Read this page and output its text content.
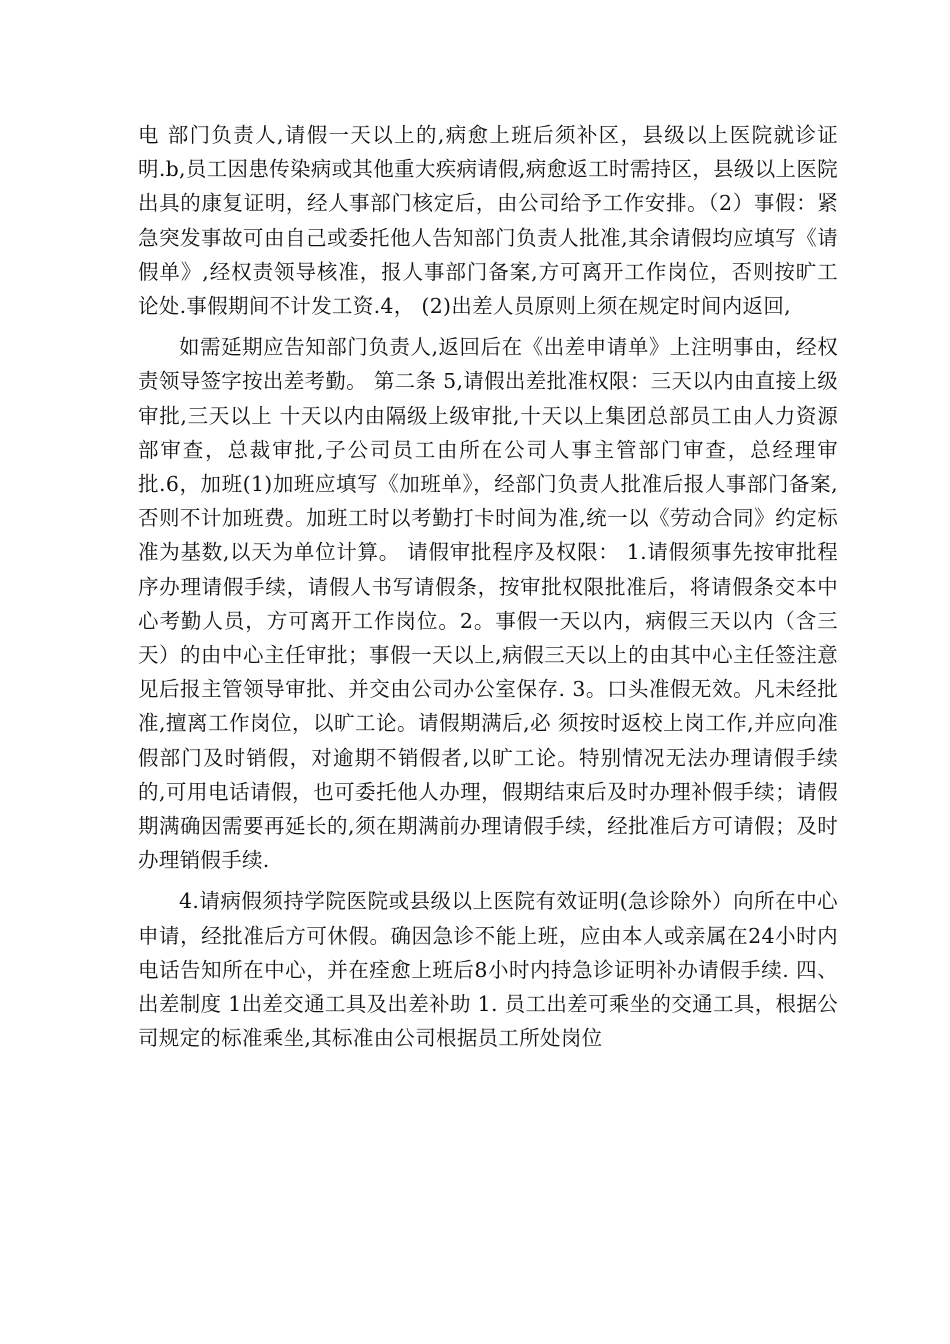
电 部门负责人,请假一天以上的,病愈上班后须补区，县级以上医院就诊证明.b,员工因患传染病或其他重大疾病请假,病愈返工时需持区，县级以上医院出具的康复证明，经人事部门核定后，由公司给予工作安排。（2）事假：紧急突发事故可由自己或委托他人告知部门负责人批准,其余请假均应填写《请假单》,经权责领导核准，报人事部门备案,方可离开工作岗位，否则按旷工论处.事假期间不计发工资.4， (2)出差人员原则上须在规定时间内返回,

如需延期应告知部门负责人,返回后在《出差申请单》上注明事由，经权责领导签字按出差考勤。 第二条 5,请假出差批准权限：三天以内由直接上级审批,三天以上 十天以内由隔级上级审批,十天以上集团总部员工由人力资源部审查，总裁审批,子公司员工由所在公司人事主管部门审查，总经理审批.6，加班(1)加班应填写《加班单》，经部门负责人批准后报人事部门备案,否则不计加班费。加班工时以考勤打卡时间为准,统一以《劳动合同》约定标准为基数,以天为单位计算。 请假审批程序及权限： 1.请假须事先按审批程序办理请假手续，请假人书写请假条，按审批权限批准后，将请假条交本中心考勤人员，方可离开工作岗位。2。事假一天以内，病假三天以内（含三天）的由中心主任审批；事假一天以上,病假三天以上的由其中心主任签注意见后报主管领导审批、并交由公司办公室保存. 3。口头准假无效。凡未经批准,擅离工作岗位，以旷工论。请假期满后,必 须按时返校上岗工作,并应向准假部门及时销假，对逾期不销假者,以旷工论。特别情况无法办理请假手续的,可用电话请假，也可委托他人办理，假期结束后及时办理补假手续；请假期满确因需要再延长的,须在期满前办理请假手续，经批准后方可请假；及时办理销假手续.

4.请病假须持学院医院或县级以上医院有效证明(急诊除外）向所在中心申请，经批准后方可休假。确因急诊不能上班，应由本人或亲属在24小时内电话告知所在中心，并在痊愈上班后8小时内持急诊证明补办请假手续. 四、出差制度 1出差交通工具及出差补助 1. 员工出差可乘坐的交通工具，根据公司规定的标准乘坐,其标准由公司根据员工所处岗位
